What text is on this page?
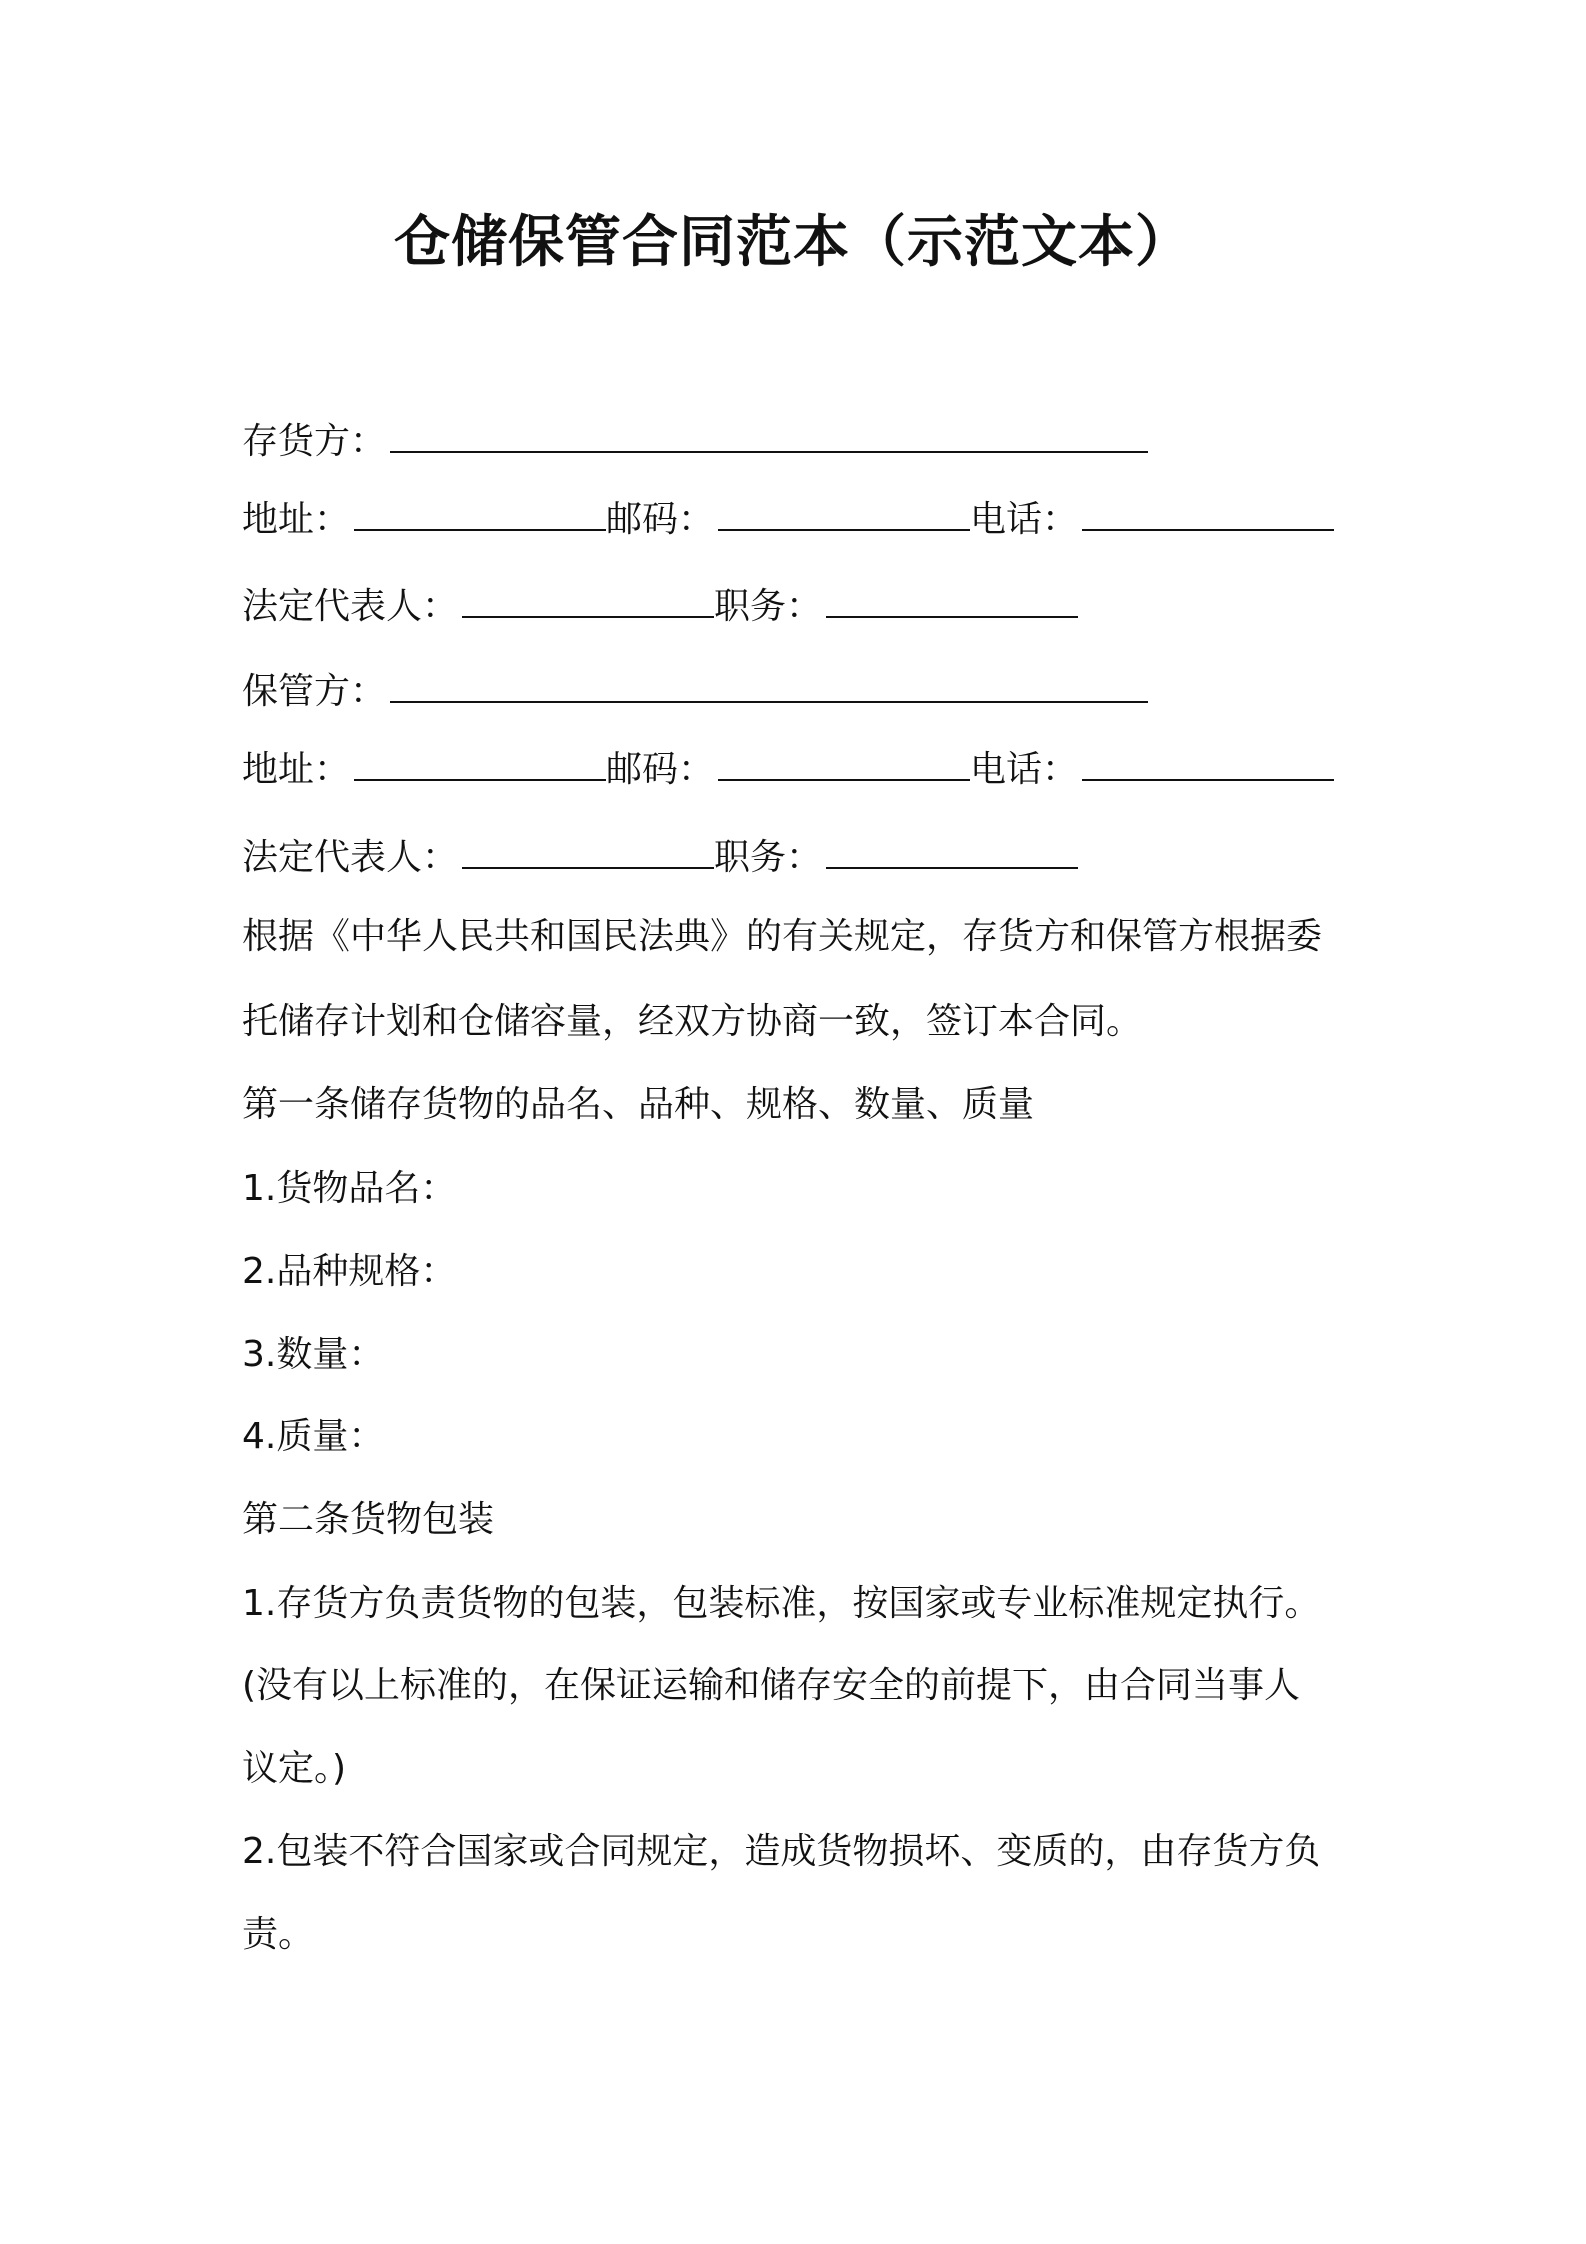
仓储保管合同范本（示范文本）
存货方：
地址：	邮码：	电话：
法定代表人：	职务：
保管方：
地址：	邮码：	电话：
法定代表人：	职务：
根据《中华人民共和国民法典》的有关规定，存货方和保管方根据委
托储存计划和仓储容量，经双方协商一致，签订本合同。
第一条储存货物的品名、品种、规格、数量、质量
1.货物品名：
2.品种规格：
3.数量：
4.质量：
第二条货物包装
1.存货方负责货物的包装，包装标准，按国家或专业标准规定执行。
(没有以上标准的，在保证运输和储存安全的前提下，由合同当事人
议定。)
2.包装不符合国家或合同规定，造成货物损坏、变质的，由存货方负
责。
